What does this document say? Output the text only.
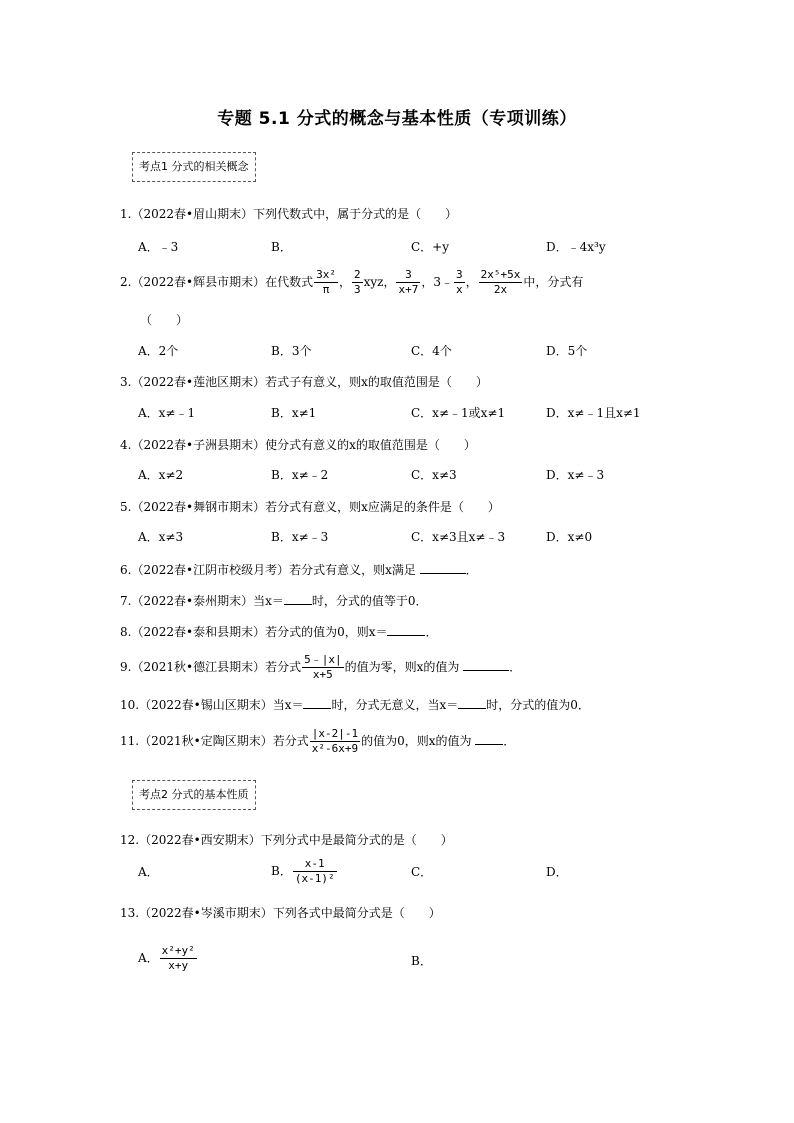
专题 5.1 分式的概念与基本性质（专项训练）
考点1 分式的相关概念
1.（2022春•眉山期末）下列代数式中，属于分式的是（　　）
A．﹣3	B．	C．+y	D．﹣4x³y
2.（2022春•辉县市期末）在代数式 $\frac{\text{3x²}}{\pi}$ ， $\frac{2}{3}$ xyz， $\frac{3}{x+7}$ ，3﹣ $\frac{3}{x}$ ， $\frac{\text{2x⁵+5x}}{2x}$ 中，分式有
（　　）
A．2个	B．3个	C．4个	D．5个
3.（2022春•莲池区期末）若式子有意义，则x的取值范围是（　　）
A．x≠﹣1	B．x≠1	C．x≠﹣1或x≠1	D．x≠﹣1且x≠1
4.（2022春•子洲县期末）使分式有意义的x的取值范围是（　　）
A．x≠2	B．x≠﹣2	C．x≠3	D．x≠﹣3
5.（2022春•舞钢市期末）若分式有意义，则x应满足的条件是（　　）
A．x≠3	B．x≠﹣3	C．x≠3且x≠﹣3	D．x≠0
6.（2022春•江阴市校级月考）若分式有意义，则x满足	．
7.（2022春•泰州期末）当x＝ 时，分式的值等于0．
8.（2022春•泰和县期末）若分式的值为0，则x＝	．
9.（2021秋•德江县期末）若分式 $\frac{5﹣|x|}{x+5}$ 的值为零，则x的值为	．
10.（2022春•锡山区期末）当x＝ 时，分式无意义，当x＝ 时，分式的值为0．
11.（2021秋•定陶区期末）若分式 $\frac{|x-2|-1}{\text{x²-6x+9}}$ 的值为0，则x的值为	．
考点2 分式的基本性质
12.（2022春•西安期末）下列分式中是最简分式的是（　　）
A．	B． $\frac{x-1}{\text{(x-1)²}}$	C．	D．
13.（2022春•岑溪市期末）下列各式中最简分式是（　　）
A． $\frac{\text{x²+y²}}{x+y}$	B．
